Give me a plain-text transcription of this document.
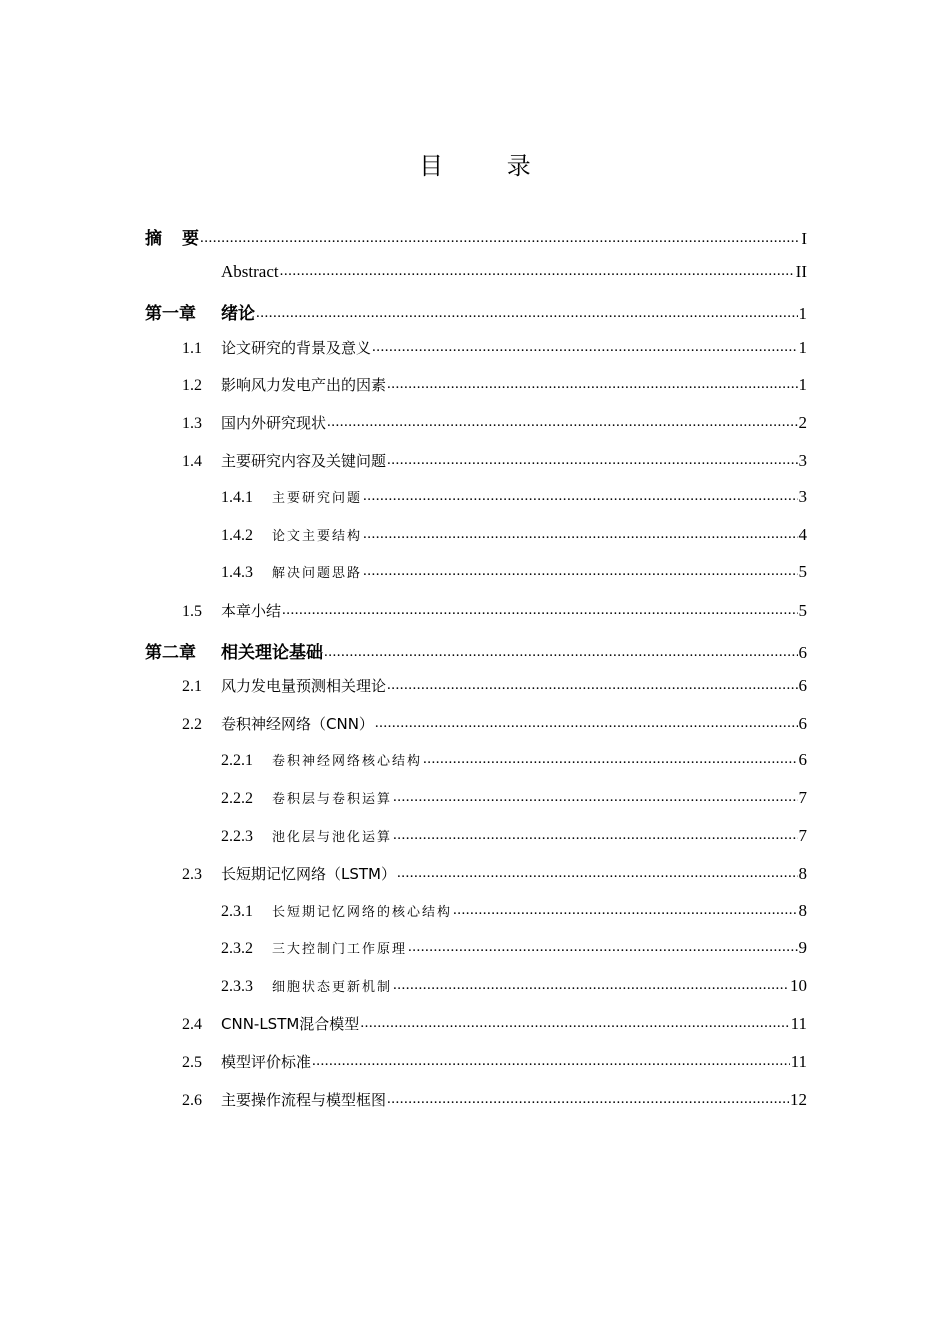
目 录
摘	要 .....	I
Abstract .....	II
第一章	绪论 .....	1
1.1	论文研究的背景及意义 .....	1
1.2	影响风力发电产出的因素 .....	1
1.3	国内外研究现状 .....	2
1.4	主要研究内容及关键问题 .....	3
1.4.1	主要研究问题 .....	3
1.4.2	论文主要结构 .....	4
1.4.3	解决问题思路 .....	5
1.5	本章小结 .....	5
第二章	相关理论基础 .....	6
2.1	风力发电量预测相关理论 .....	6
2.2	卷积神经网络（CNN） .....	6
2.2.1	卷积神经网络核心结构 .....	6
2.2.2	卷积层与卷积运算 .....	7
2.2.3	池化层与池化运算 .....	7
2.3	长短期记忆网络（LSTM） .....	8
2.3.1	长短期记忆网络的核心结构 .....	8
2.3.2	三大控制门工作原理 .....	9
2.3.3	细胞状态更新机制 .....	10
2.4	CNN-LSTM混合模型 .....	11
2.5	模型评价标准 .....	11
2.6	主要操作流程与模型框图 .....	12
